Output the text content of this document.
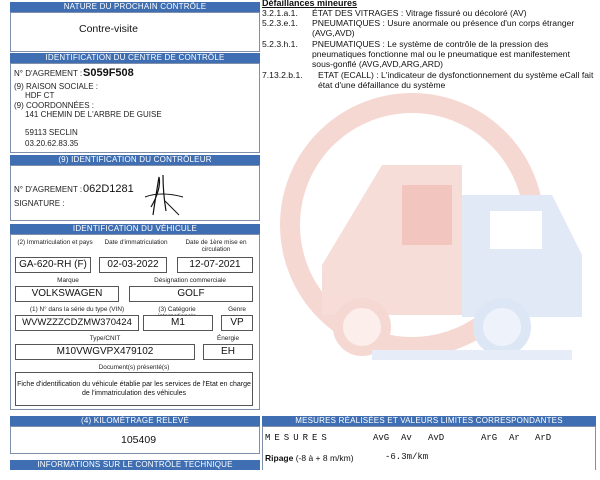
NATURE DU PROCHAIN CONTRÔLE
Contre-visite
IDENTIFICATION DU CENTRE DE CONTRÔLE
N° D'AGREMENT : S059F508
(9) RAISON SOCIALE :
HDF CT
(9) COORDONNÉES :
141 CHEMIN DE L'ARBRE DE GUISE
59113 SECLIN
03.20.62.83.35
(9) IDENTIFICATION DU CONTRÔLEUR
N° D'AGREMENT : 062D1281
SIGNATURE :
IDENTIFICATION DU VÉHICULE
(2) Immatriculation et pays	Date d'immatriculation	Date de 1ère mise en circulation
GA-620-RH (F)	02-03-2022	12-07-2021
Marque	Désignation commerciale
VOLKSWAGEN	GOLF
(1) N° dans la série du type (VIN)	(3) Catégorie	Genre
WVWZZZCDZMW370424	M1	VP
Type/CNIT	Énergie
M10VWGVPX479102	EH
Document(s) présenté(s)
Fiche d'identification du véhicule établie par les services de l'Etat en charge de l'immatriculation des véhicules
(4) KILOMÉTRAGE RELEVÉ
105409
INFORMATIONS SUR LE CONTRÔLE TECHNIQUE DÉFAVORABLE
Défaillances mineures
3.2.1.a.1. ÉTAT DES VITRAGES : Vitrage fissuré ou décoloré (AV)
5.2.3.e.1. PNEUMATIQUES : Usure anormale ou présence d'un corps étranger (AVG,AVD)
5.2.3.h.1. PNEUMATIQUES : Le système de contrôle de la pression des pneumatiques fonctionne mal ou le pneumatique est manifestement sous-gonflé (AVG,AVD,ARG,ARD)
7.13.2.b.1. ETAT (ECALL) : L'indicateur de dysfonctionnement du système eCall fait état d'une défaillance du système
MESURES RÉALISÉES ET VALEURS LIMITES CORRESPONDANTES
MESURES	AvG Av AvD	ArG Ar ArD
Ripage (-8 à + 8 m/km)	-6.3m/km
